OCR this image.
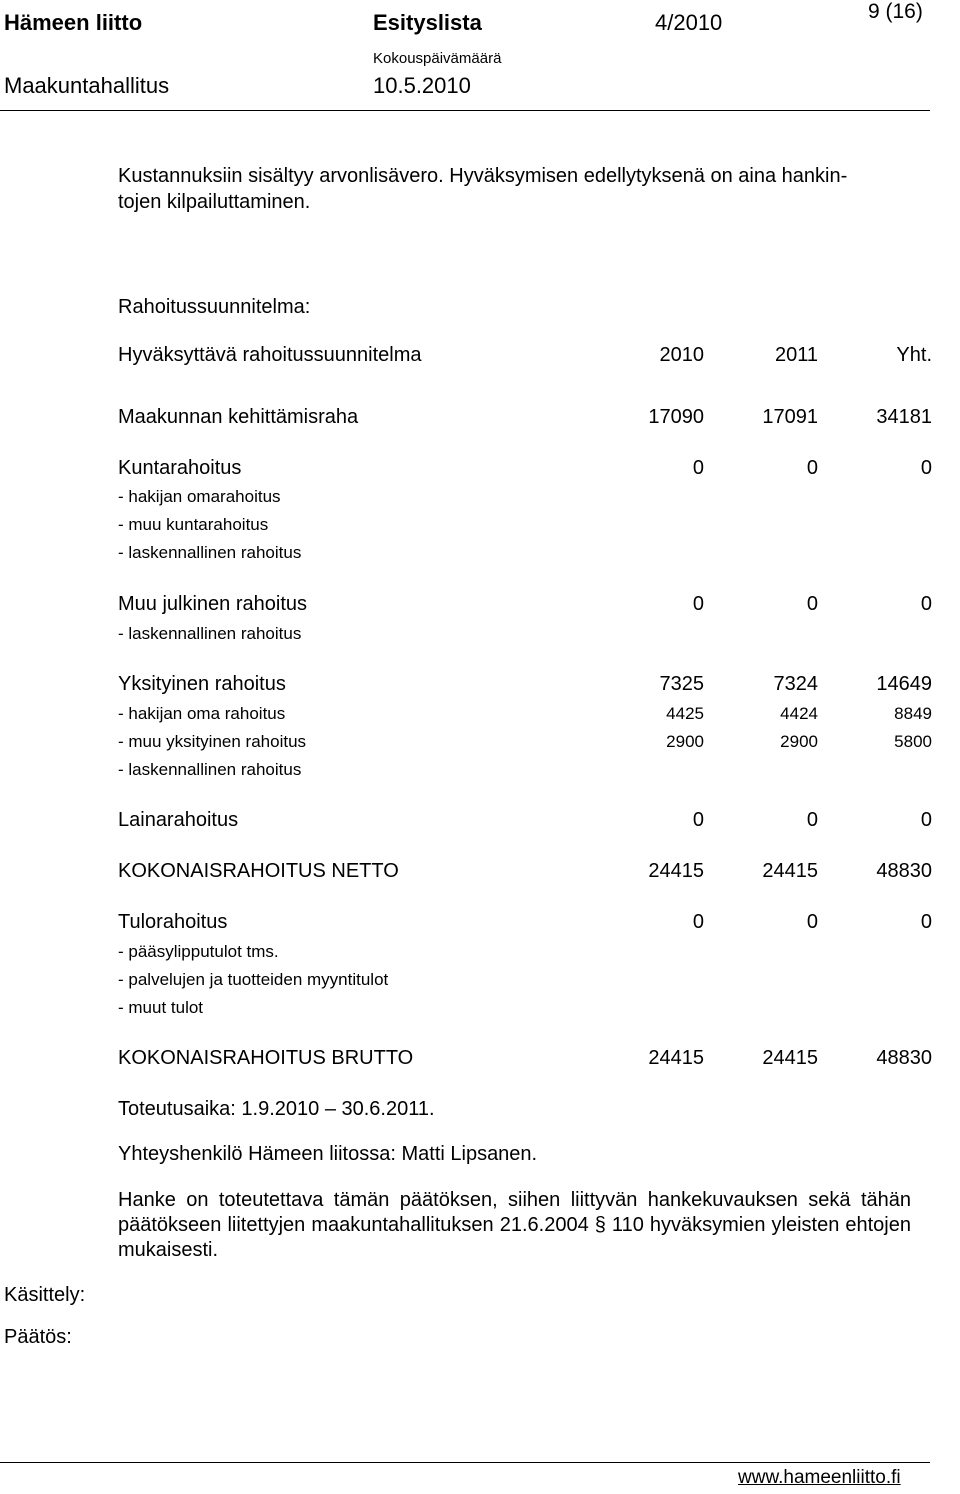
Hämeen liitto	Esityslista	4/2010	9 (16)
Kokouspäivämäärä
Maakuntahallitus	10.5.2010
Kustannuksiin sisältyy arvonlisävero. Hyväksymisen edellytyksenä on aina hankin-
tojen kilpailuttaminen.
Rahoitussuunnitelma:
Hyväksyttävä rahoitussuunnitelma	2010	2011	Yht.
Maakunnan kehittämisraha	17090	17091	34181
Kuntarahoitus	0	0	0
- hakijan omarahoitus
- muu kuntarahoitus
- laskennallinen rahoitus
Muu julkinen rahoitus	0	0	0
- laskennallinen rahoitus
Yksityinen rahoitus	7325	7324	14649
- hakijan oma rahoitus	4425	4424	8849
- muu yksityinen rahoitus	2900	2900	5800
- laskennallinen rahoitus
Lainarahoitus	0	0	0
KOKONAISRAHOITUS NETTO	24415	24415	48830
Tulorahoitus	0	0	0
- pääsylipputulot tms.
- palvelujen ja tuotteiden myyntitulot
- muut tulot
KOKONAISRAHOITUS BRUTTO	24415	24415	48830
Toteutusaika: 1.9.2010 – 30.6.2011.
Yhteyshenkilö Hämeen liitossa: Matti Lipsanen.
Hanke on toteutettava tämän päätöksen, siihen liittyvän hankekuvauksen sekä tähän päätökseen liitettyjen maakuntahallituksen 21.6.2004 § 110 hyväksymien yleisten ehtojen mukaisesti.
Käsittely:
Päätös:
www.hameenliitto.fi
